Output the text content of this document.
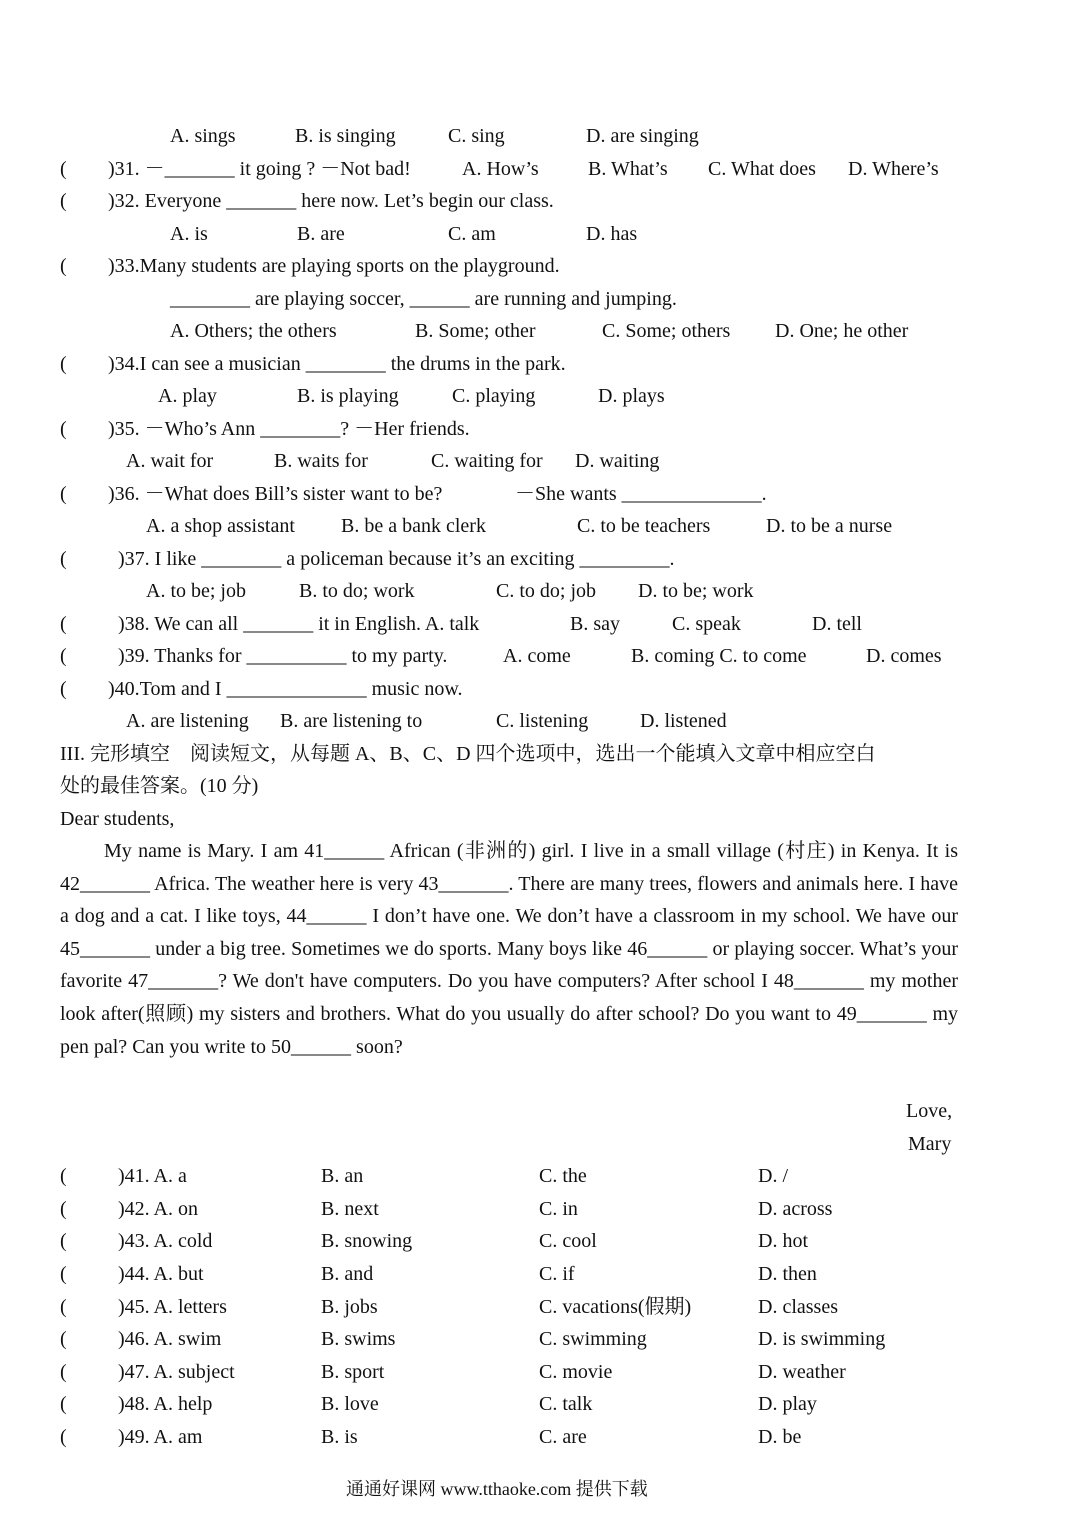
A. sings	B. is singing	C. sing	D. are singing
( )31. －_______ it going ? －Not bad!	A. How’s B. What’s C. What does D. Where’s
( )32. Everyone _______ here now. Let’s begin our class.
A. is	B. are	C. am	D. has
( )33.Many students are playing sports on the playground.
________ are playing soccer, ______ are running and jumping.
A. Others; the others	B. Some; other	C. Some; others D. One; he other
( )34.I can see a musician ________ the drums in the park.
A. play	B. is playing	C. playing	D. plays
( )35. －Who’s Ann ________? －Her friends.
A. wait for	B. waits for	C. waiting for D. waiting
( )36. －What does Bill’s sister want to be?	－She wants ______________.
A. a shop assistant B. be a bank clerk	C. to be teachers	D. to be a nurse
(	)37. I like ________ a policeman because it’s an exciting _________.
A. to be; job	B. to do; work	C. to do; job D. to be; work
(	)38. We can all _______ it in English. A. talk	B. say	C. speak	D. tell
(	)39. Thanks for __________ to my party.	A. come	B. coming C. to come	D. comes
( )40.Tom and I ______________ music now.
A. are listening B. are listening to	C. listening	D. listened
III. 完形填空　阅读短文，从每题 A、B、C、D 四个选项中，选出一个能填入文章中相应空白
处的最佳答案。(10 分)
Dear students,
My name is Mary. I am 41______ African (非洲的) girl. I live in a small village (村庄) in Kenya. It is 42_______ Africa. The weather here is very 43_______. There are many trees, flowers and animals here. I have a dog and a cat. I like toys, 44______ I don’t have one. We don’t have a classroom in my school. We have our 45_______ under a big tree. Sometimes we do sports. Many boys like 46______ or playing soccer. What’s your favorite 47_______? We don't have computers. Do you have computers? After school I 48_______ my mother look after(照顾) my sisters and brothers. What do you usually do after school? Do you want to 49_______ my pen pal? Can you write to 50______ soon?
Love,
Mary
(	)41. A. a	B. an	C. the	D. /
(	)42. A. on	B. next	C. in	D. across
(	)43. A. cold	B. snowing	C. cool	D. hot
(	)44. A. but	B. and	C. if	D. then
(	)45. A. letters	B. jobs	C. vacations(假期)	D. classes
(	)46. A. swim	B. swims	C. swimming	D. is swimming
(	)47. A. subject	B. sport	C. movie	D. weather
(	)48. A. help	B. love	C. talk	D. play
(	)49. A. am	B. is	C. are	D. be
通通好课网 www.tthaoke.com 提供下载
